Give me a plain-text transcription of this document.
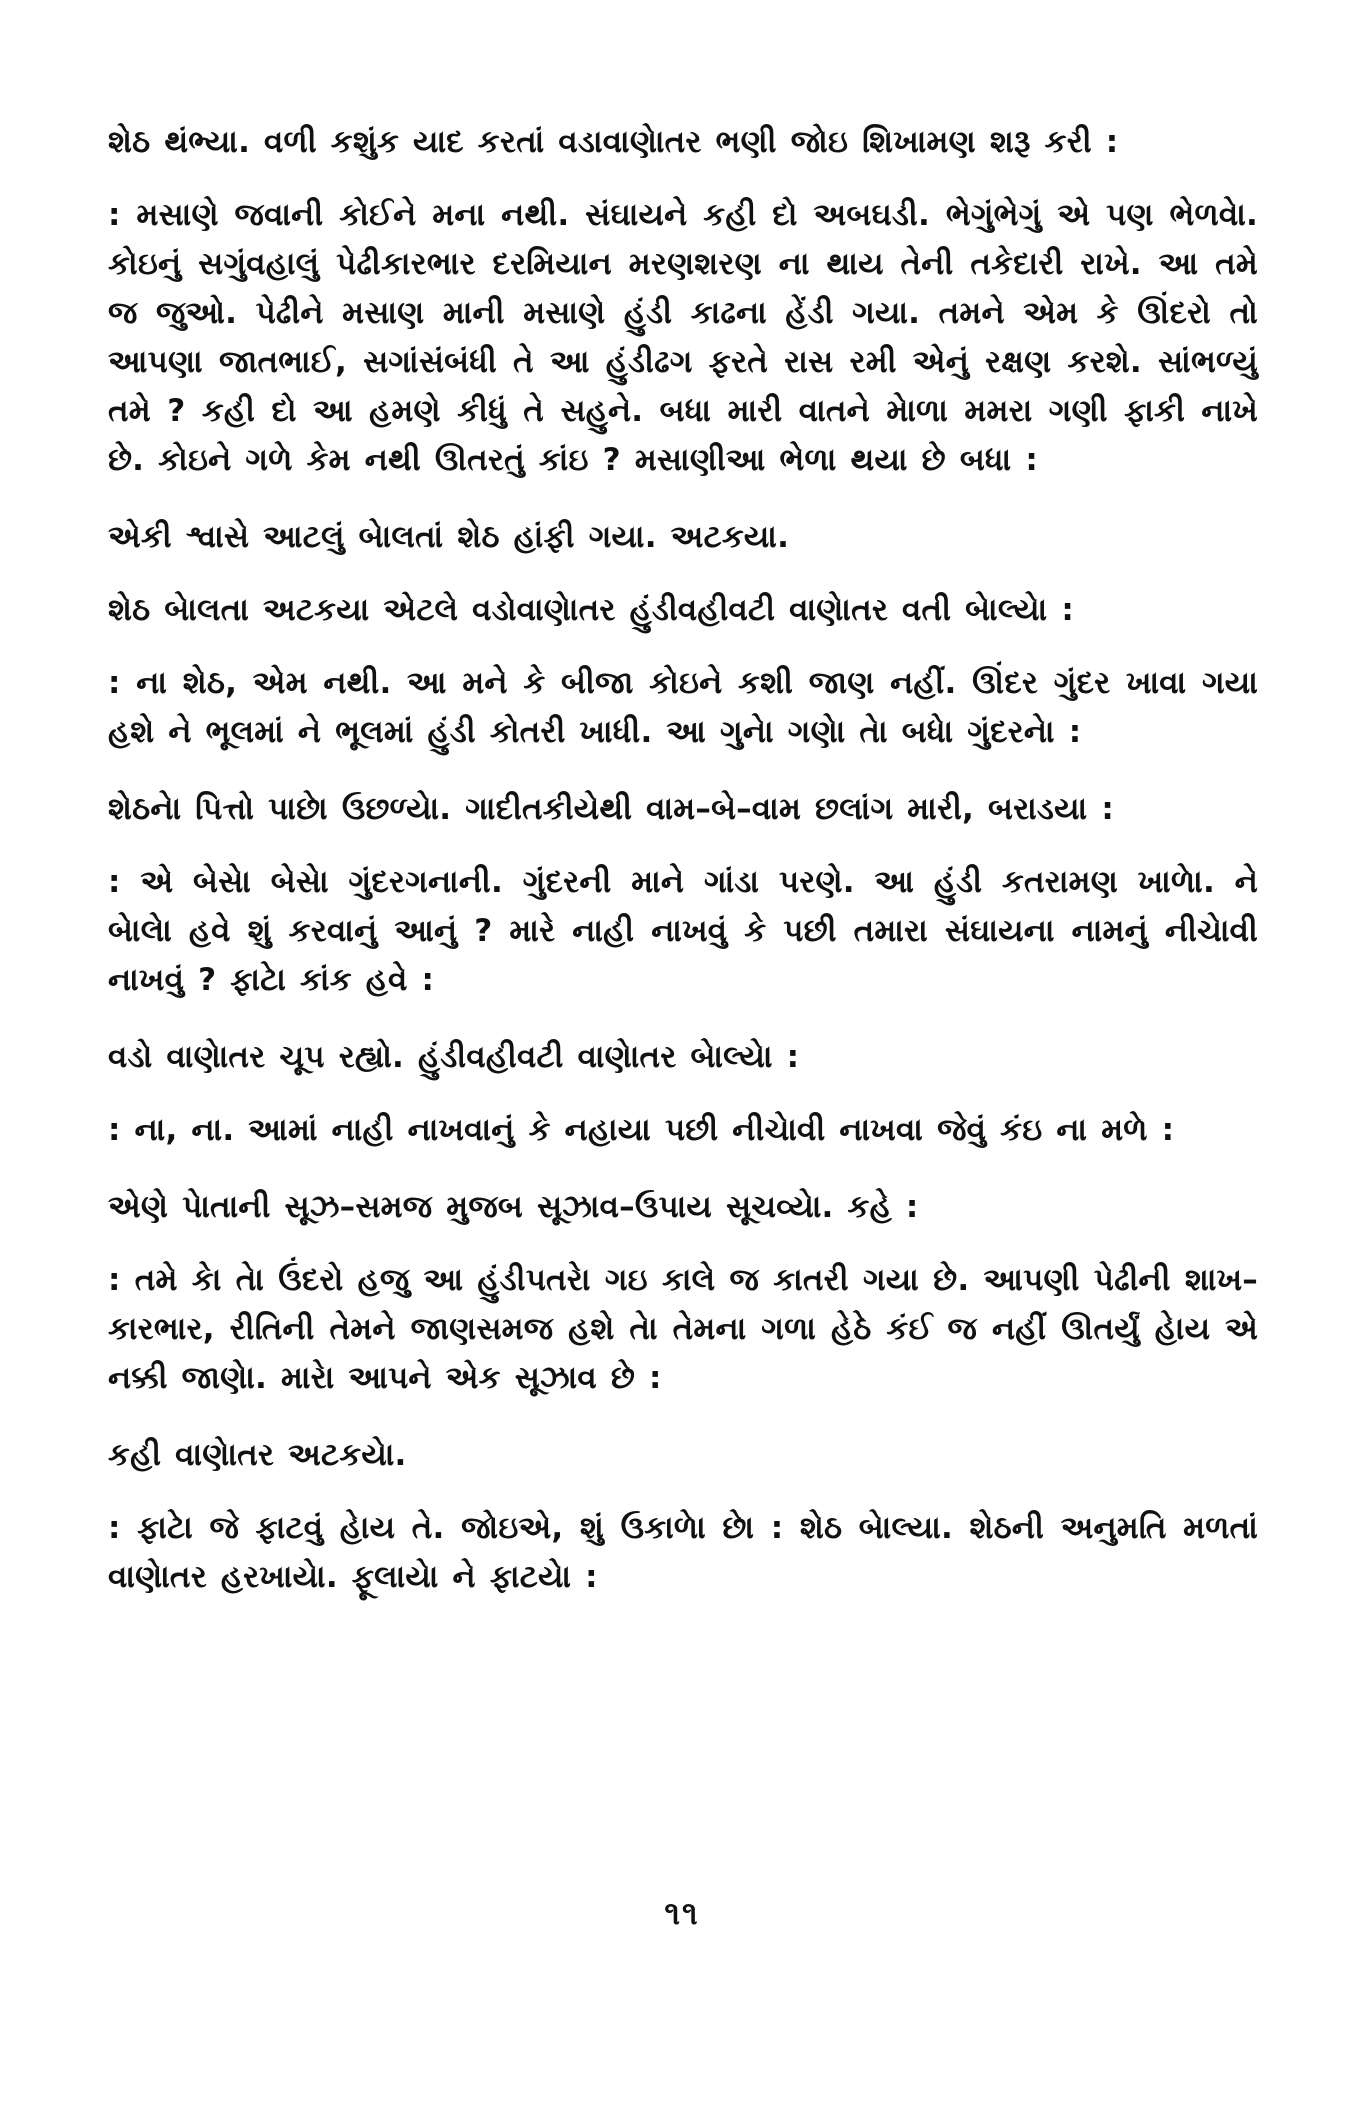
શેઠ થંભ્યા. વળી કશુંક યાદ કરતાં વડાવાણેાતર ભણી જોઇ શિખામણ શરૂ કરી :

: મસાણે જવાની કોઈને મના નથી. સંઘાયને કહી દો અબઘડી. ભેગુંભેગું એ પણ ભેળવેા. કોઇનું સગુંવહાલું પેઢીકારભાર દરમિયાન મરણશરણ ના થાય તેની તકેદારી રાખે. આ તમે જ જુઓ. પેઢીને મસાણ માની મસાણે હુંડી કાઢના હેંડી ગયા. તમને એમ કે ઊંદરો તો આપણા જાતભાઈ, સગાંસંબંધી તે આ હુંડીઢગ ફરતે રાસ રમી એનું રક્ષણ કરશે. સાંભળ્યું તમે ? કહી દો આ હમણે કીધું તે સહુને. બધા મારી વાતને મેાળા મમરા ગણી ફાકી નાખે છે. કોઇને ગળે કેમ નથી ઊતરતું કાંઇ ? મસાણીઆ ભેળા થયા છે બધા :

એકી શ્વાસે આટલું બેાલતાં શેઠ હાંફી ગયા. અટકયા.

શેઠ બેાલતા અટકયા એટલે વડોવાણેાતર હુંડીવહીવટી વાણેાતર વતી બેાલ્યેા :

: ના શેઠ, એમ નથી. આ મને કે બીજા કોઇને કશી જાણ નહીં. ઊંદર ગુંદર ખાવા ગયા હશે ને ભૂલમાં ને ભૂલમાં હુંડી કોતરી ખાધી. આ ગુનેા ગણેા તેા બધેા ગુંદરનેા :

શેઠનેા પિત્તો પાછેા ઉછળ્યેા. ગાદીતકીયેથી વામ–બે–વામ છલાંગ મારી, બરાડયા :

: એ બેસેા બેસેા ગુંદરગનાની. ગુંદરની માને ગાંડા પરણે. આ હુંડી કતરામણ ખાળેા. ને બેાલેા હવે શું કરવાનું આનું ? મારે નાહી નાખવું કે પછી તમારા સંઘાયના નામનું નીચેાવી નાખવું ? ફાટેા કાંક હવે :

વડો વાણેાતર ચૂપ રહ્યો. હુંડીવહીવટી વાણેાતર બેાલ્યેા :

: ના, ના. આમાં નાહી નાખવાનું કે નહાયા પછી નીચેાવી નાખવા જેવું કંઇ ના મળે :

એણે પેાતાની સૂઝ–સમજ મુજબ સૂઝાવ–ઉપાય સૂચવ્યેા. કહે :

: તમે કેા તેા ઉંદરો હજુ આ હુંડીપતરેા ગઇ કાલે જ કાતરી ગયા છે. આપણી પેઢીની શાખ–કારભાર, રીતિની તેમને જાણસમજ હશે તેા તેમના ગળા હેઠે કંઈ જ નહીં ઊતર્યું હેાય એ નક્કી જાણેા. મારેા આપને એક સૂઝાવ છે :

કહી વાણેાતર અટકયેા.

: ફાટેા જે ફાટવું હેાય તે. જોઇએ, શું ઉકાળેા છેા : શેઠ બેાલ્યા. શેઠની અનુમતિ મળતાં વાણેાતર હરખાયેા. ફૂલાયેા ને ફાટયેા :

૧૧
